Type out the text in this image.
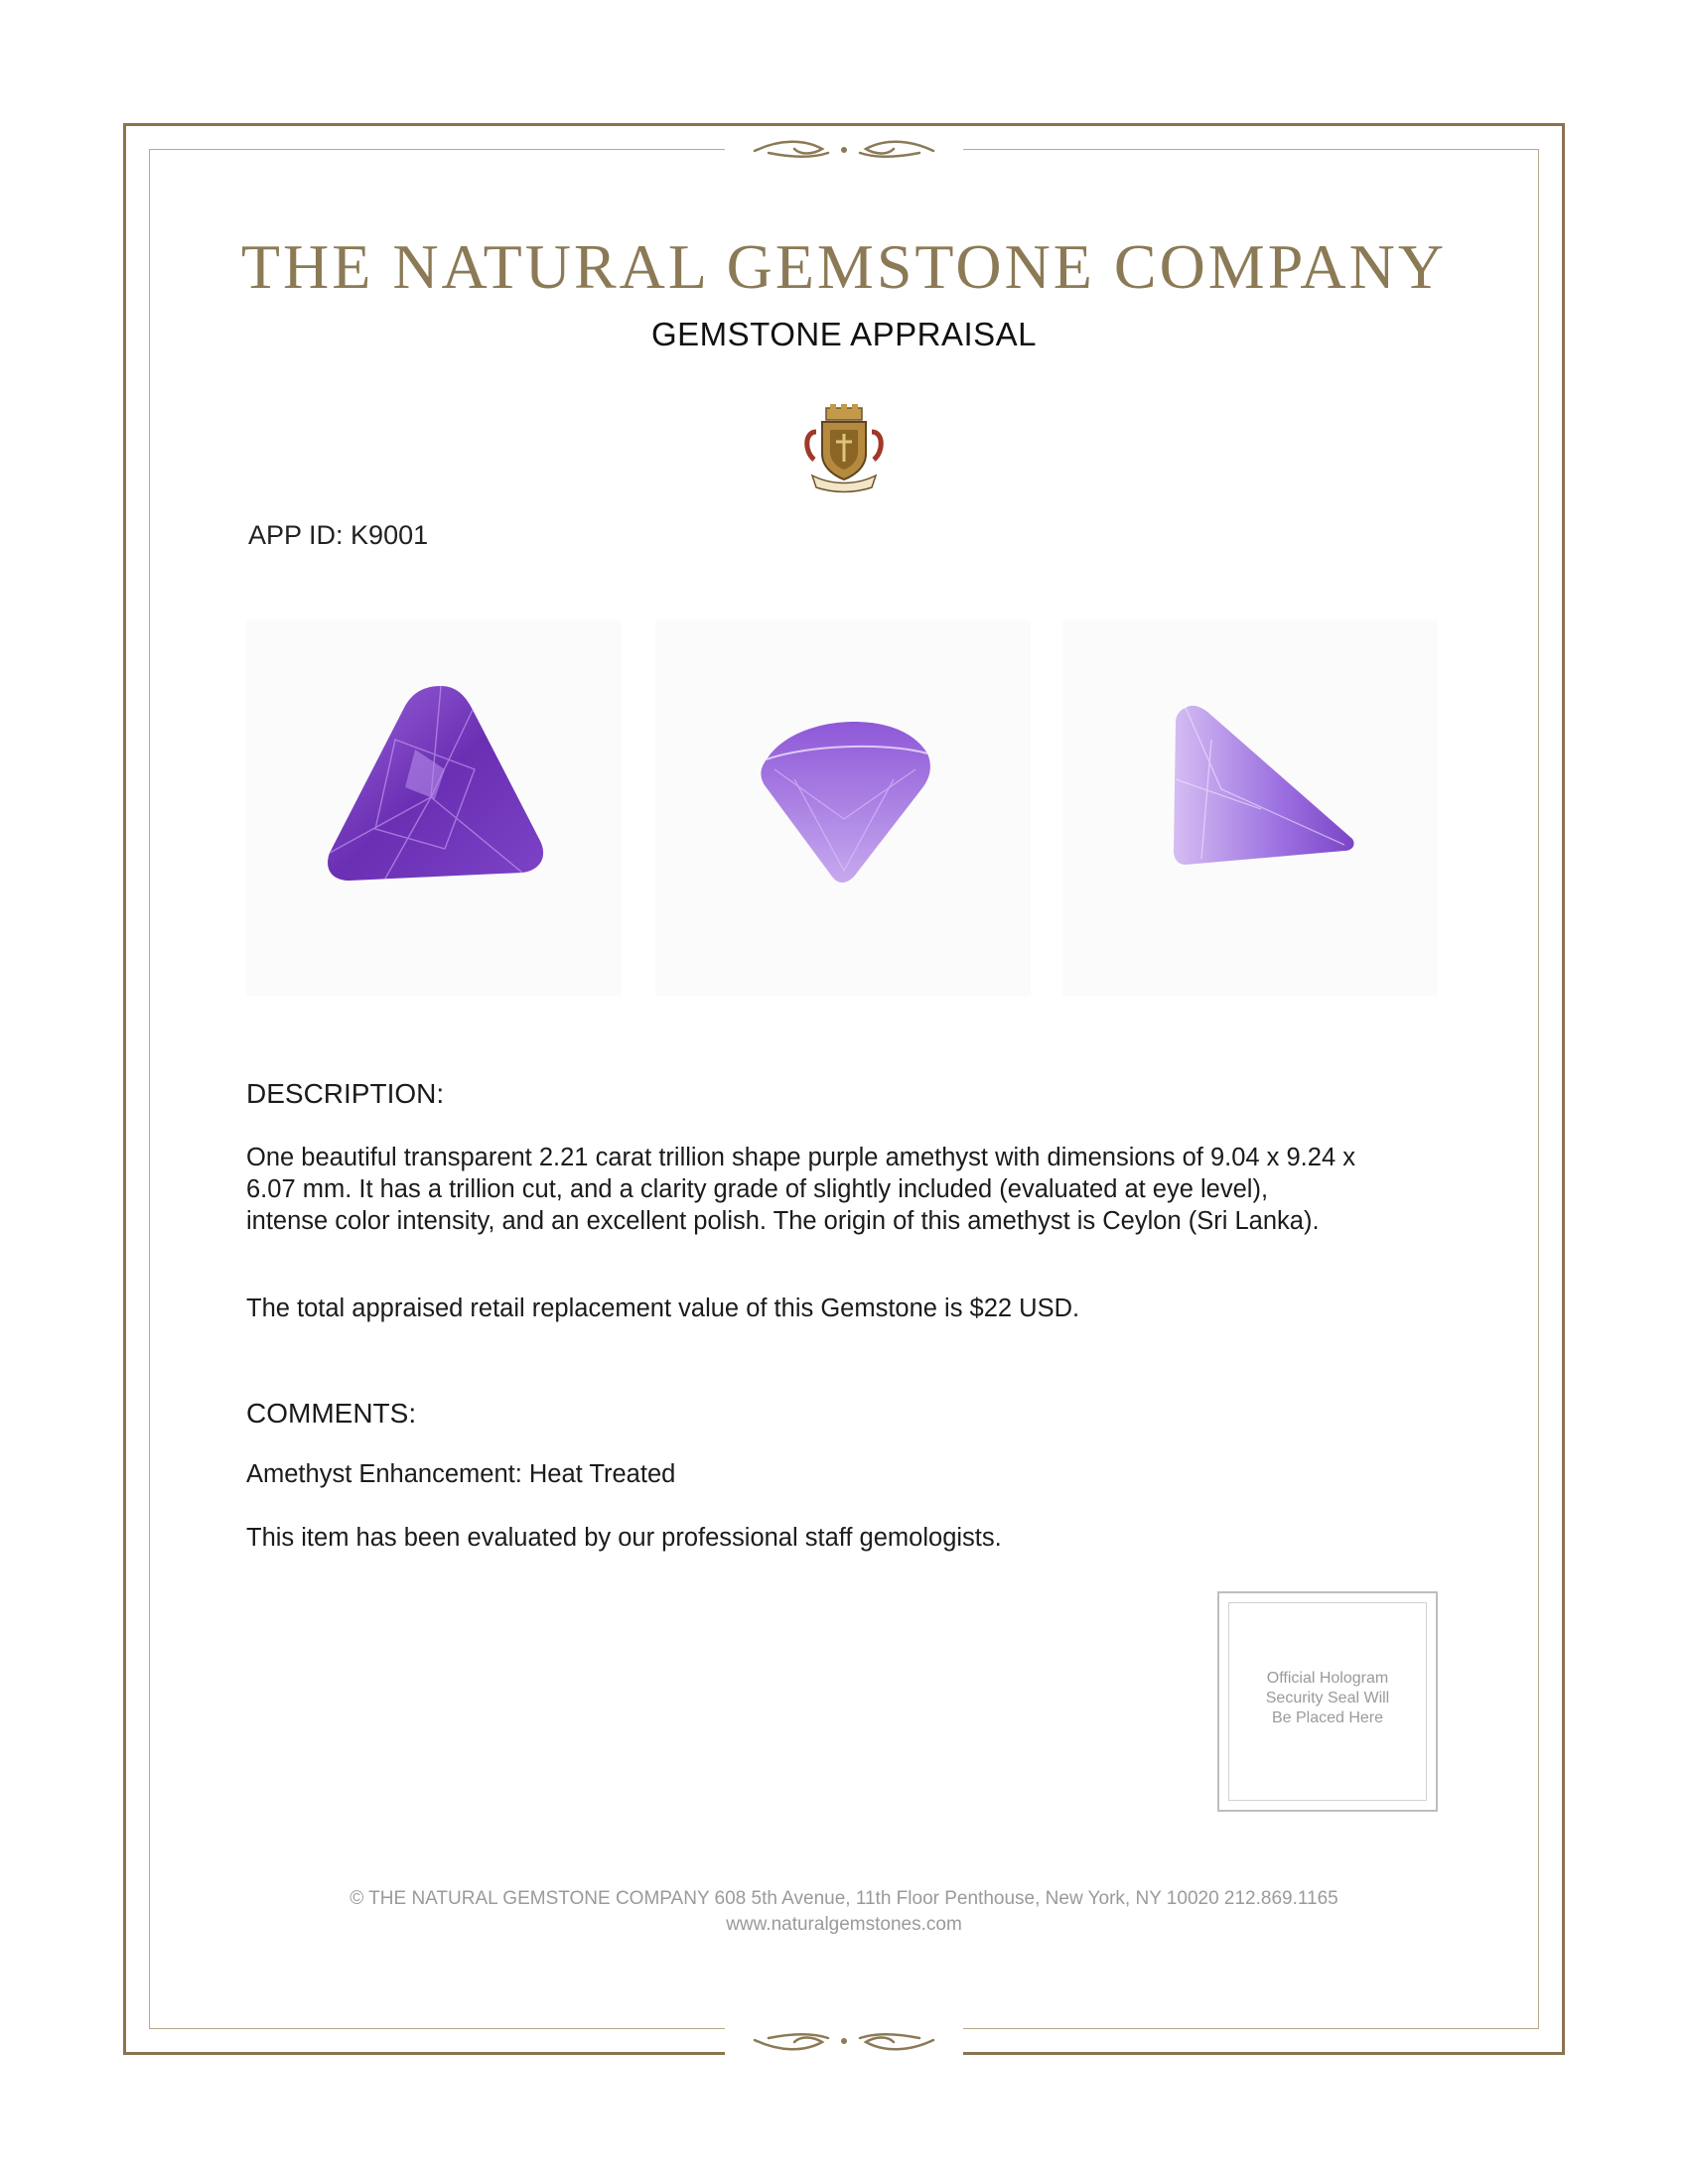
THE NATURAL GEMSTONE COMPANY
GEMSTONE APPRAISAL
APP ID: K9001
DESCRIPTION:
One beautiful transparent 2.21 carat trillion shape purple amethyst with dimensions of 9.04 x 9.24 x
6.07 mm. It has a trillion cut, and a clarity grade of slightly included (evaluated at eye level),
intense color intensity, and an excellent polish. The origin of this amethyst is Ceylon (Sri Lanka).
The total appraised retail replacement value of this Gemstone is $22 USD.
COMMENTS:
Amethyst Enhancement: Heat Treated
This item has been evaluated by our professional staff gemologists.
Official Hologram
Security Seal Will
Be Placed Here
© THE NATURAL GEMSTONE COMPANY 608 5th Avenue, 11th Floor Penthouse, New York, NY 10020 212.869.1165
www.naturalgemstones.com
